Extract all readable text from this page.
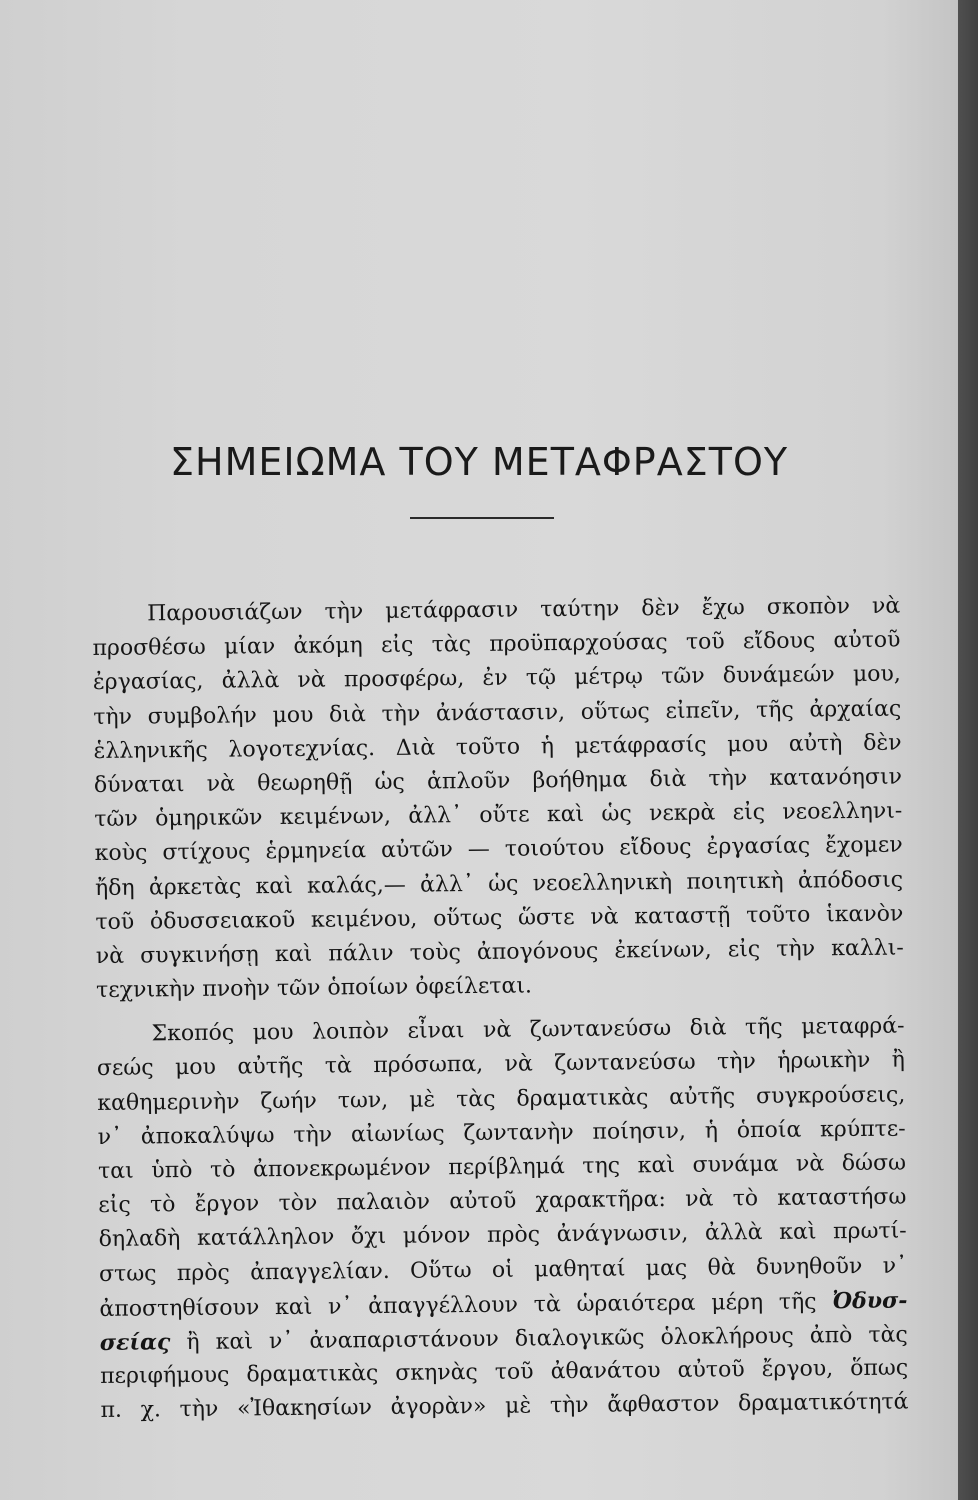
ΣΗΜΕΙΩΜΑ ΤΟΥ ΜΕΤΑΦΡΑΣΤΟΥ
Παρουσιάζων τὴν μετάφρασιν ταύτην δὲν ἔχω σκοπὸν νὰ
προσθέσω μίαν ἀκόμη εἰς τὰς προϋπαρχούσας τοῦ εἴδους αὐτοῦ
ἐργασίας, ἀλλὰ νὰ προσφέρω, ἐν τῷ μέτρῳ τῶν δυνάμεών μου,
τὴν συμβολήν μου διὰ τὴν ἀνάστασιν, οὕτως εἰπεῖν, τῆς ἀρχαίας
ἑλληνικῆς λογοτεχνίας. Διὰ τοῦτο ἡ μετάφρασίς μου αὐτὴ δὲν
δύναται νὰ θεωρηθῇ ὡς ἁπλοῦν βοήθημα διὰ τὴν κατανόησιν
τῶν ὁμηρικῶν κειμένων, ἀλλ᾽ οὔτε καὶ ὡς νεκρὰ εἰς νεοελληνι-
κοὺς στίχους ἑρμηνεία αὐτῶν — τοιούτου εἴδους ἐργασίας ἔχομεν
ἤδη ἀρκετὰς καὶ καλάς,— ἀλλ᾽ ὡς νεοελληνικὴ ποιητικὴ ἀπόδοσις
τοῦ ὀδυσσειακοῦ κειμένου, οὕτως ὥστε νὰ καταστῇ τοῦτο ἱκανὸν
νὰ συγκινήσῃ καὶ πάλιν τοὺς ἀπογόνους ἐκείνων, εἰς τὴν καλλι-
τεχνικὴν πνοὴν τῶν ὁποίων ὀφείλεται.
Σκοπός μου λοιπὸν εἶναι νὰ ζωντανεύσω διὰ τῆς μεταφρά-
σεώς μου αὐτῆς τὰ πρόσωπα, νὰ ζωντανεύσω τὴν ἡρωικὴν ἢ
καθημερινὴν ζωήν των, μὲ τὰς δραματικὰς αὐτῆς συγκρούσεις,
ν᾽ ἀποκαλύψω τὴν αἰωνίως ζωντανὴν ποίησιν, ἡ ὁποία κρύπτε-
ται ὑπὸ τὸ ἀπονεκρωμένον περίβλημά της καὶ συνάμα νὰ δώσω
εἰς τὸ ἔργον τὸν παλαιὸν αὐτοῦ χαρακτῆρα: νὰ τὸ καταστήσω
δηλαδὴ κατάλληλον ὄχι μόνον πρὸς ἀνάγνωσιν, ἀλλὰ καὶ πρωτί-
στως πρὸς ἀπαγγελίαν. Οὕτω οἱ μαθηταί μας θὰ δυνηθοῦν ν᾽
ἀποστηθίσουν καὶ ν᾽ ἀπαγγέλλουν τὰ ὡραιότερα μέρη τῆς Ὀδυσ-
σείας ἢ καὶ ν᾽ ἀναπαριστάνουν διαλογικῶς ὁλοκλήρους ἀπὸ τὰς
περιφήμους δραματικὰς σκηνὰς τοῦ ἀθανάτου αὐτοῦ ἔργου, ὅπως
π. χ. τὴν «Ἰθακησίων ἀγορὰν» μὲ τὴν ἄφθαστον δραματικότητά
